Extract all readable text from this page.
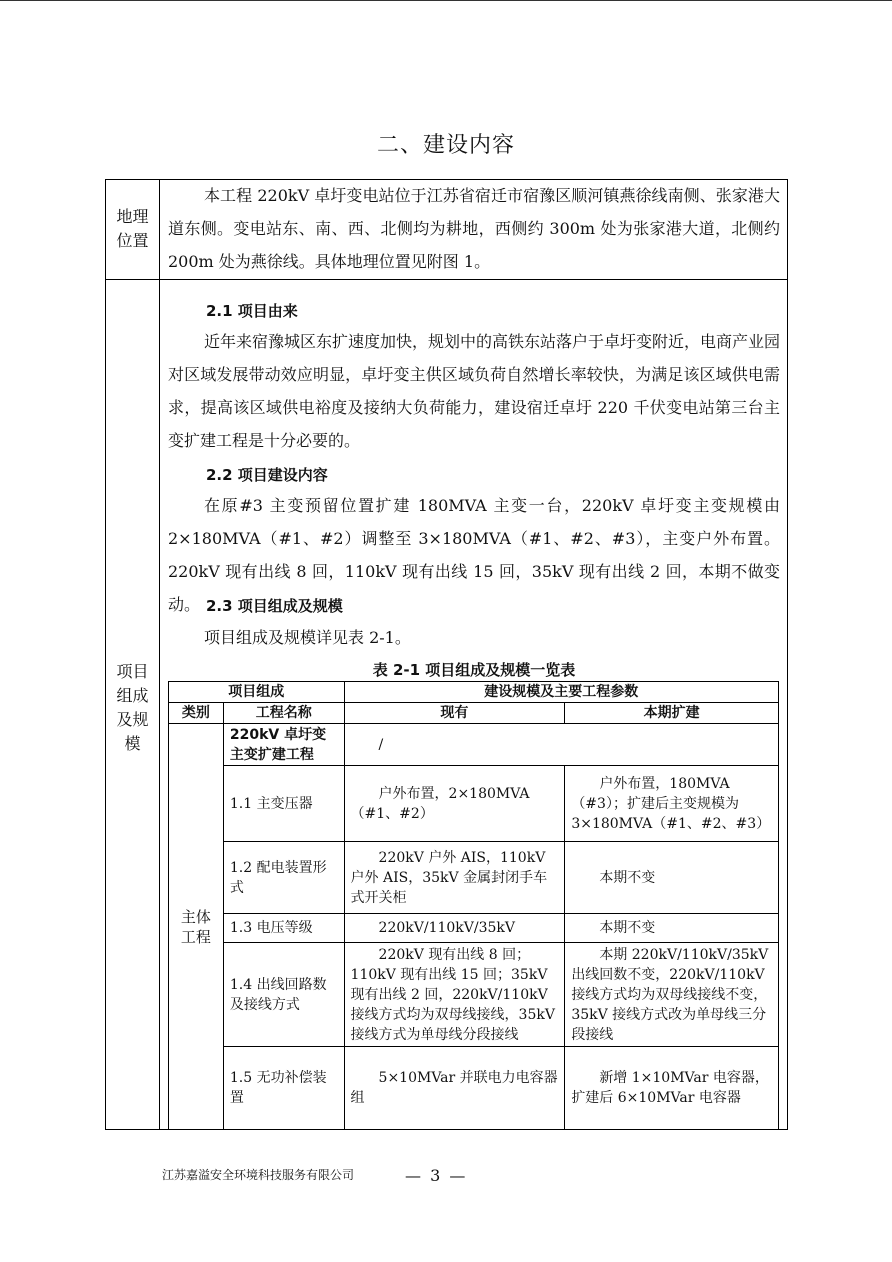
二、建设内容
地理
位置

本工程 220kV 卓圩变电站位于江苏省宿迁市宿豫区顺河镇燕徐线南侧、张家港大道东侧。变电站东、南、西、北侧均为耕地，西侧约 300m 处为张家港大道，北侧约 200m 处为燕徐线。具体地理位置见附图 1。

项目
组成
及规
模
2.1 项目由来

近年来宿豫城区东扩速度加快，规划中的高铁东站落户于卓圩变附近，电商产业园对区域发展带动效应明显，卓圩变主供区域负荷自然增长率较快，为满足该区域供电需求，提高该区域供电裕度及接纳大负荷能力，建设宿迁卓圩 220 千伏变电站第三台主变扩建工程是十分必要的。

2.2 项目建设内容

在原#3 主变预留位置扩建 180MVA 主变一台，220kV 卓圩变主变规模由 2×180MVA（#1、#2）调整至 3×180MVA（#1、#2、#3），主变户外布置。220kV 现有出线 8 回，110kV 现有出线 15 回，35kV 现有出线 2 回，本期不做变动。 2.3 项目组成及规模

项目组成及规模详见表 2-1。

表 2-1 项目组成及规模一览表
项目组成		建设规模及主要工程参数	
类别	工程名称	现有	本期扩建
主体
工程	220kV 卓圩变主变扩建工程	/	
	1.1 主变压器	户外布置，2×180MVA（#1、#2）	户外布置，180MVA（#3）；扩建后主变规模为 3×180MVA（#1、#2、#3）
	1.2 配电装置形式	220kV 户外 AIS，110kV 户外 AIS，35kV 金属封闭手车式开关柜	本期不变
	1.3 电压等级	220kV/110kV/35kV	本期不变
	1.4 出线回路数及接线方式	220kV 现有出线 8 回；110kV 现有出线 15 回；35kV 现有出线 2 回，220kV/110kV 接线方式均为双母线接线，35kV 接线方式为单母线分段接线	本期 220kV/110kV/35kV 出线回数不变，220kV/110kV 接线方式均为双母线接线不变，35kV 接线方式改为单母线三分段接线
	1.5 无功补偿装置	5×10MVar 并联电力电容器组	新增 1×10MVar 电容器，扩建后 6×10MVar 电容器
江苏嘉溢安全环境科技服务有限公司	— 3 —
